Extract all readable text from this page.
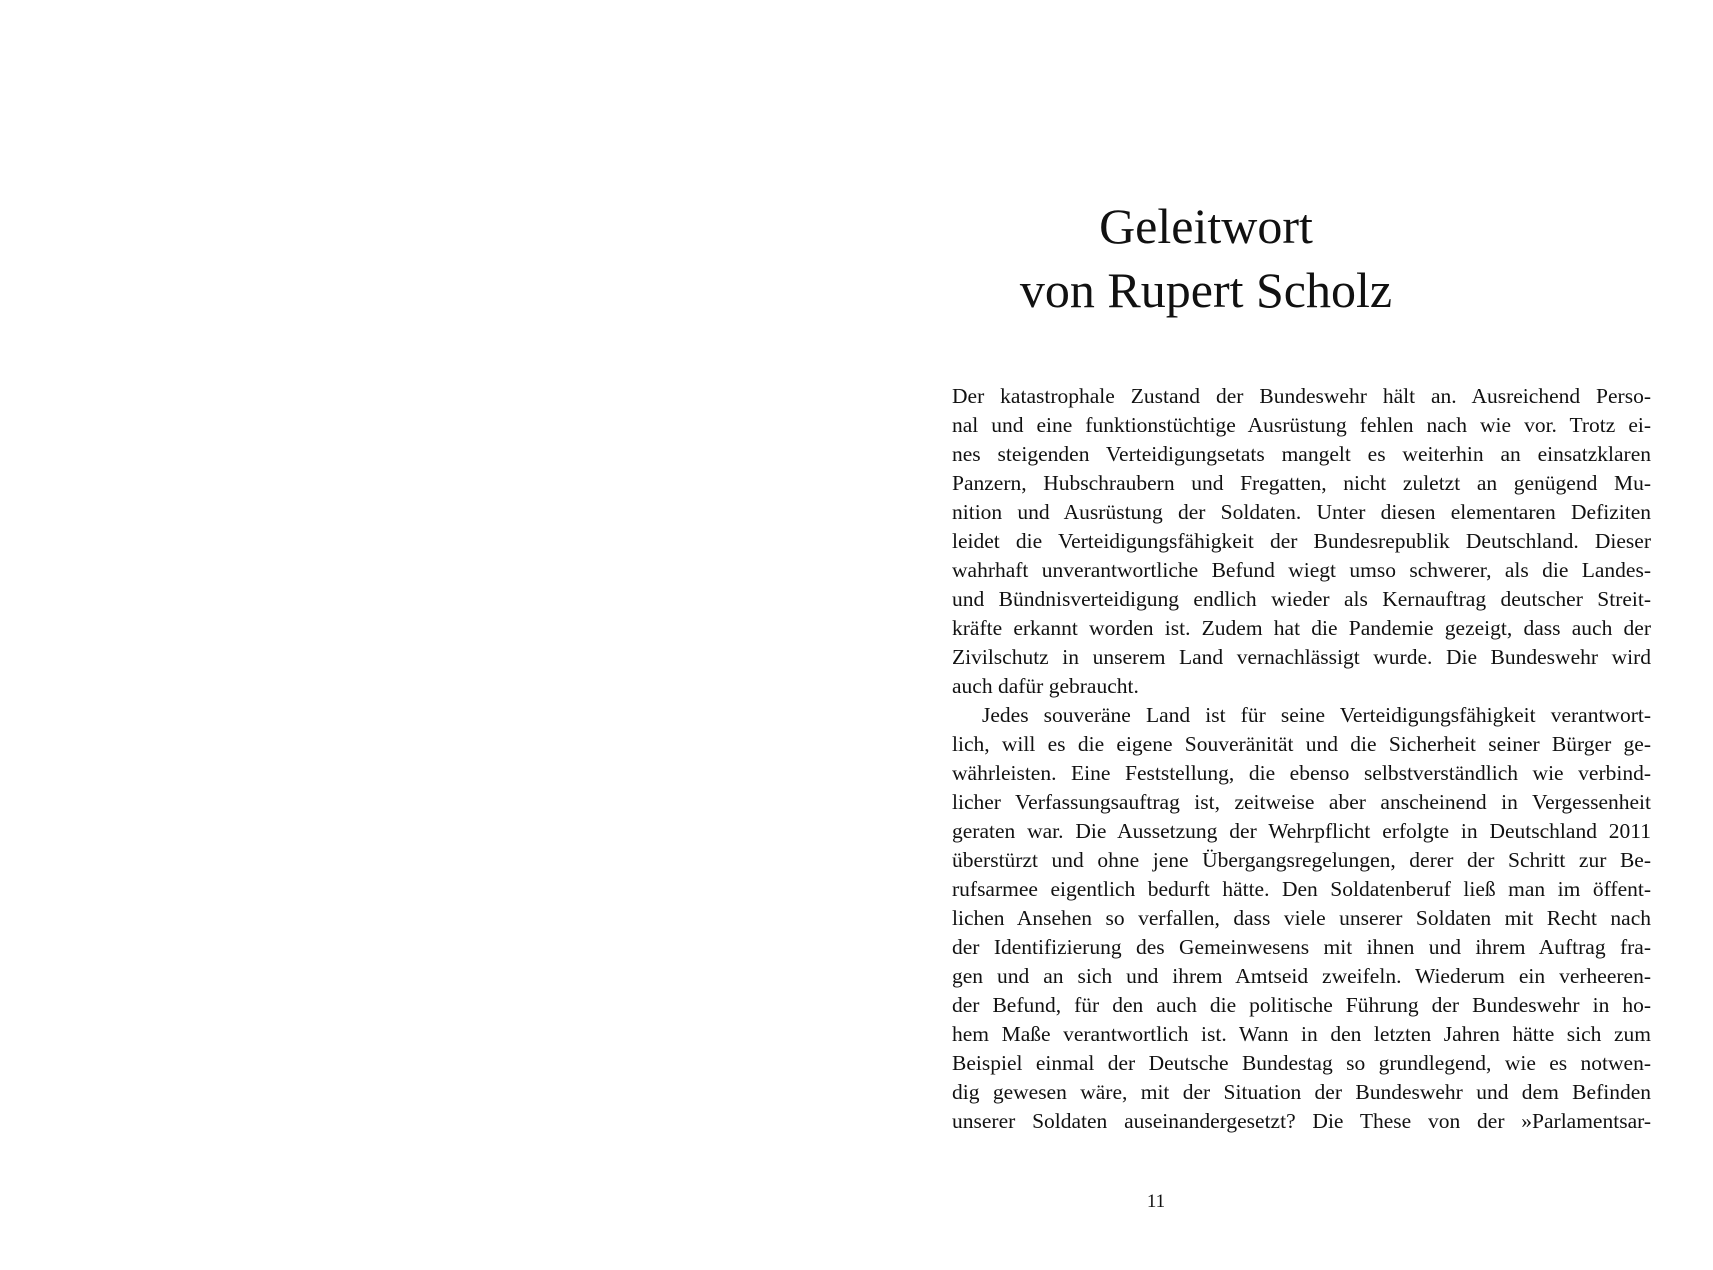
Geleitwort
von Rupert Scholz
Der katastrophale Zustand der Bundeswehr hält an. Ausreichend Perso-
nal und eine funktionstüchtige Ausrüstung fehlen nach wie vor. Trotz ei-
nes steigenden Verteidigungsetats mangelt es weiterhin an einsatzklaren
Panzern, Hubschraubern und Fregatten, nicht zuletzt an genügend Mu-
nition und Ausrüstung der Soldaten. Unter diesen elementaren Defiziten
leidet die Verteidigungsfähigkeit der Bundesrepublik Deutschland. Dieser
wahrhaft unverantwortliche Befund wiegt umso schwerer, als die Landes-
und Bündnisverteidigung endlich wieder als Kernauftrag deutscher Streit-
kräfte erkannt worden ist. Zudem hat die Pandemie gezeigt, dass auch der
Zivilschutz in unserem Land vernachlässigt wurde. Die Bundeswehr wird
auch dafür gebraucht.
Jedes souveräne Land ist für seine Verteidigungsfähigkeit verantwort-
lich, will es die eigene Souveränität und die Sicherheit seiner Bürger ge-
währleisten. Eine Feststellung, die ebenso selbstverständlich wie verbind-
licher Verfassungsauftrag ist, zeitweise aber anscheinend in Vergessenheit
geraten war. Die Aussetzung der Wehrpflicht erfolgte in Deutschland 2011
überstürzt und ohne jene Übergangsregelungen, derer der Schritt zur Be-
rufsarmee eigentlich bedurft hätte. Den Soldatenberuf ließ man im öffent-
lichen Ansehen so verfallen, dass viele unserer Soldaten mit Recht nach
der Identifizierung des Gemeinwesens mit ihnen und ihrem Auftrag fra-
gen und an sich und ihrem Amtseid zweifeln. Wiederum ein verheeren-
der Befund, für den auch die politische Führung der Bundeswehr in ho-
hem Maße verantwortlich ist. Wann in den letzten Jahren hätte sich zum
Beispiel einmal der Deutsche Bundestag so grundlegend, wie es notwen-
dig gewesen wäre, mit der Situation der Bundeswehr und dem Befinden
unserer Soldaten auseinandergesetzt? Die These von der »Parlamentsar-
11
